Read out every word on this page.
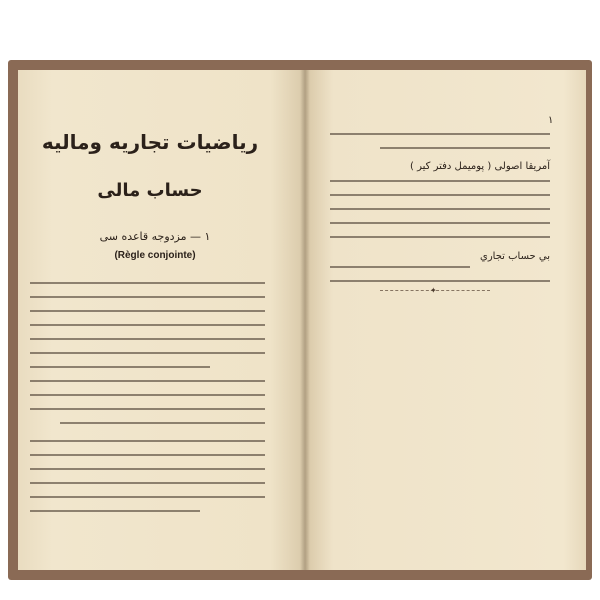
١
ریاضیات تجاریه ومالیه
حساب مالی
١ — مزدوجه قاعده سی
(Règle conjointe)
آمریقا اصولی ( پومیمل دفتر کیر )
بي حساب تجاري
✦
